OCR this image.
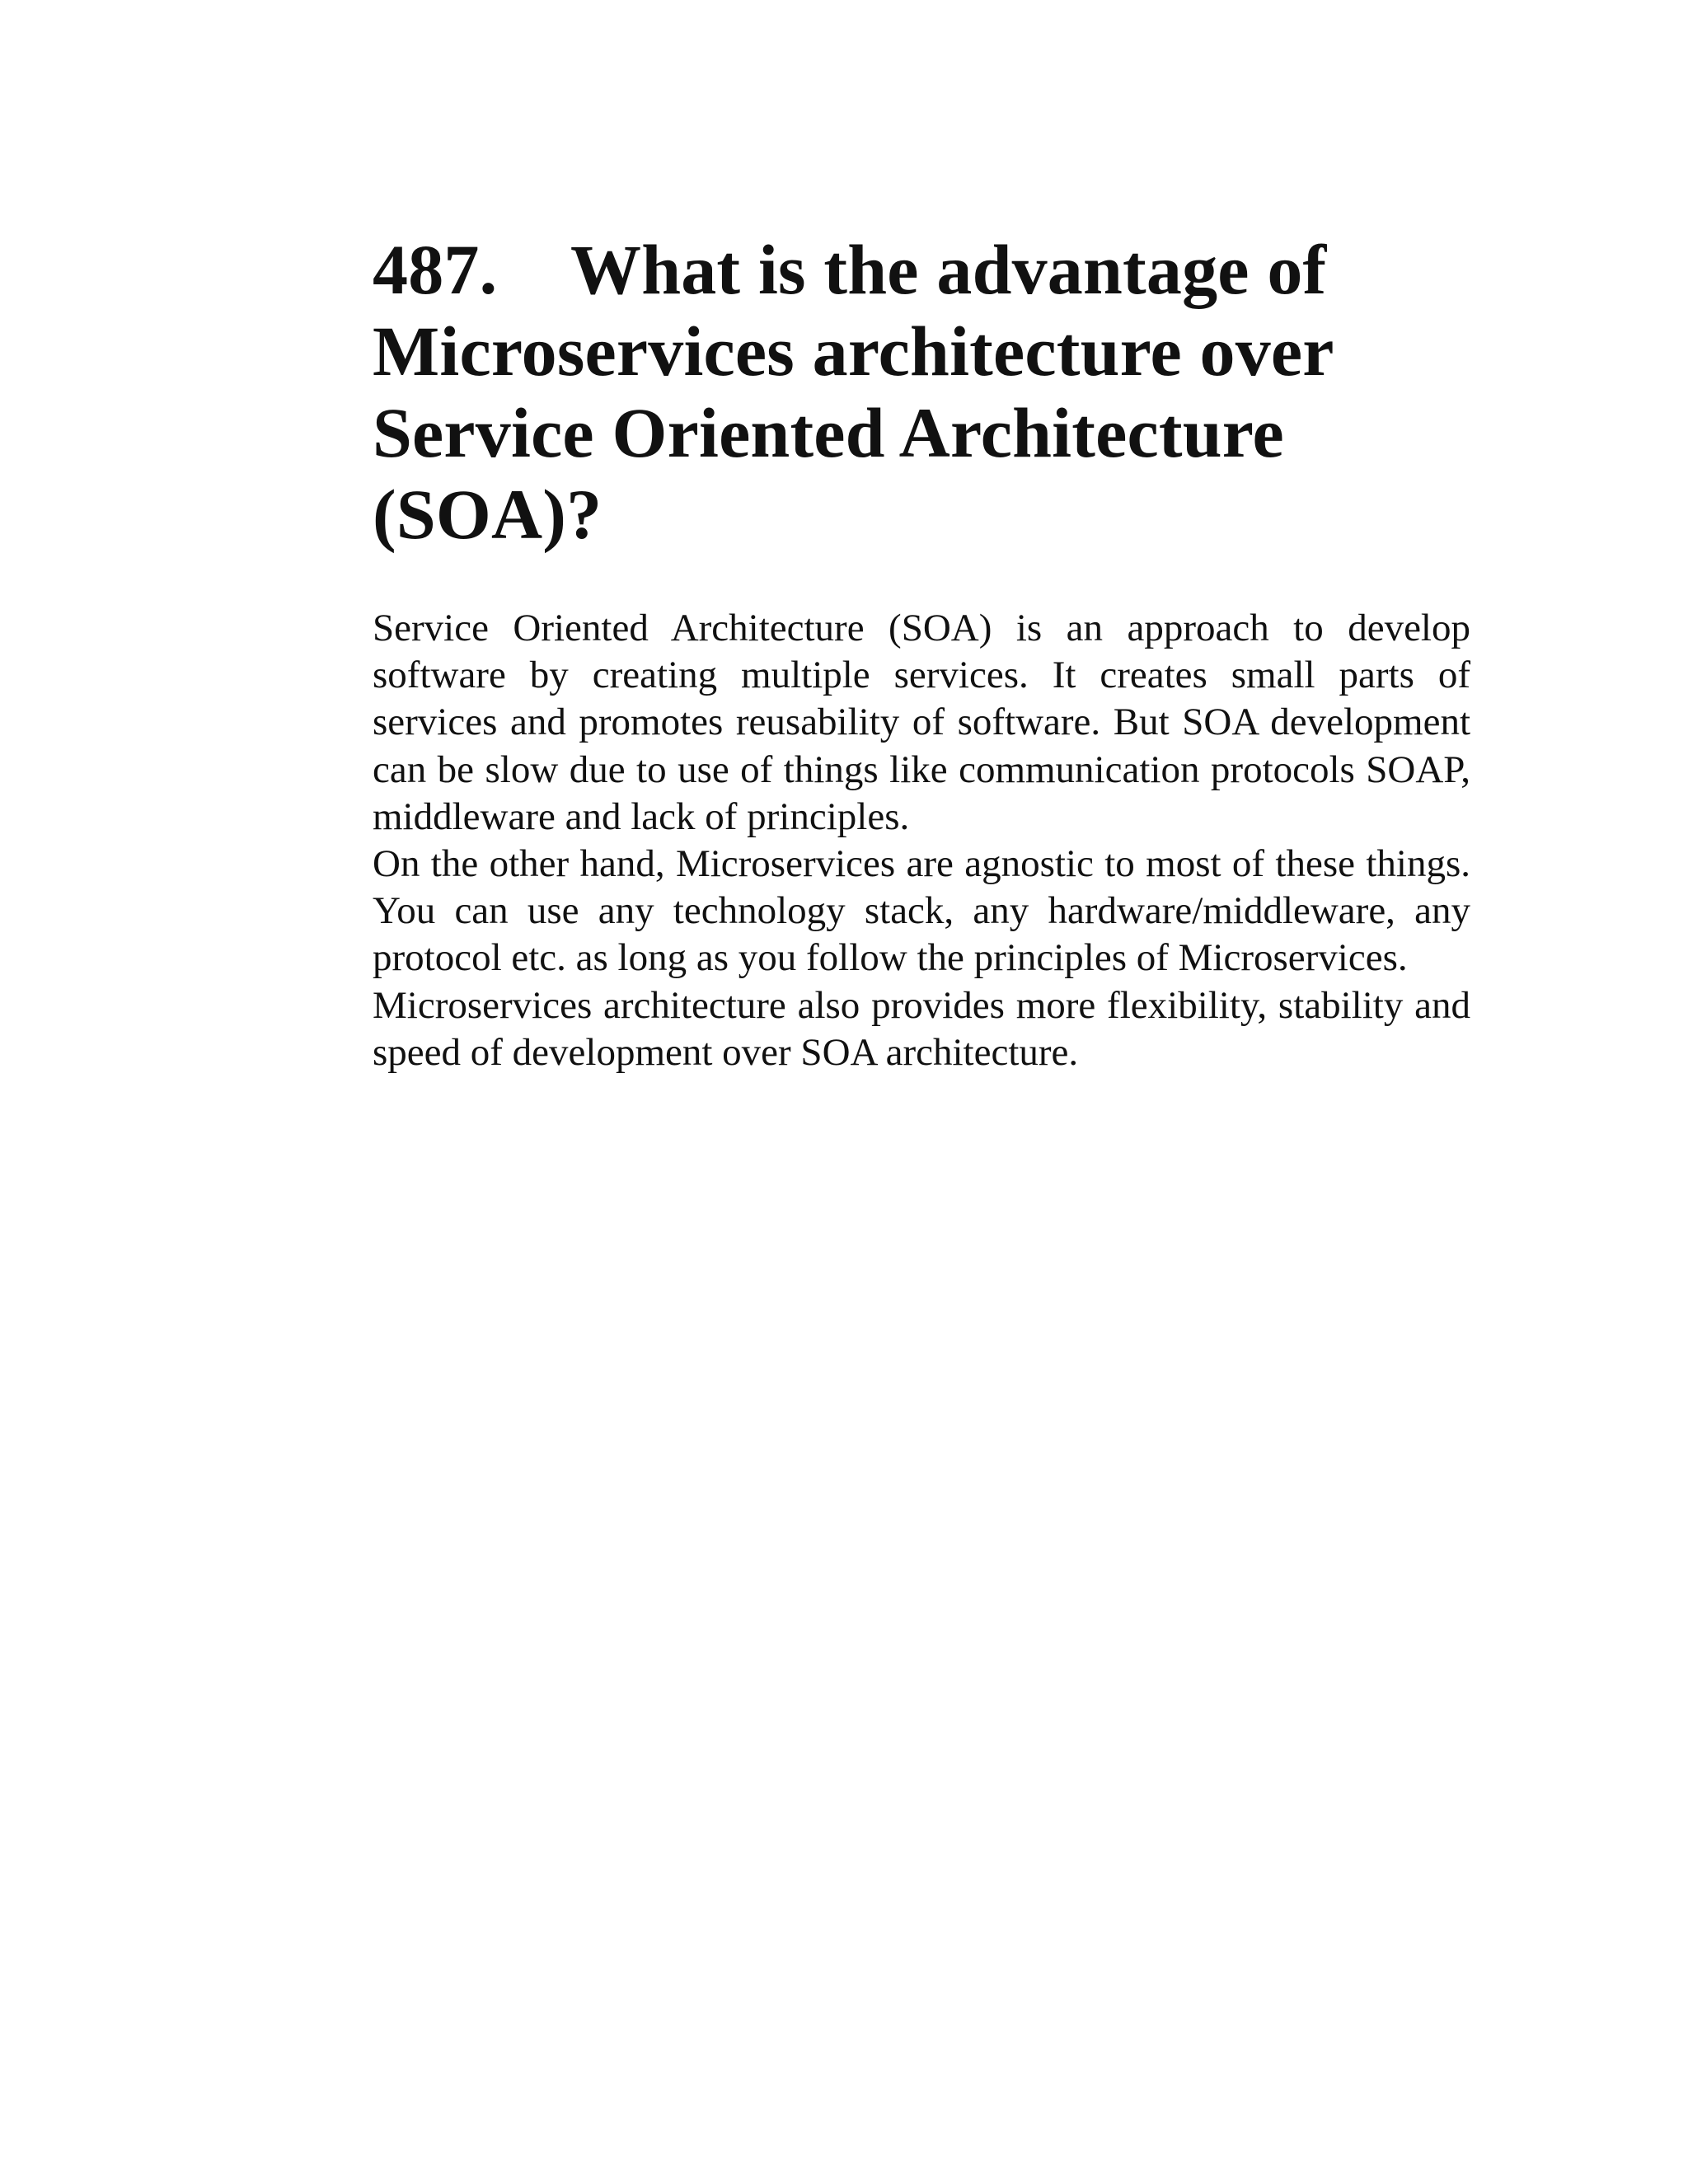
487. What is the advantage of Microservices architecture over Service Oriented Architecture (SOA)?

Service Oriented Architecture (SOA) is an approach to develop software by creating multiple services. It creates small parts of services and promotes reusability of software. But SOA development can be slow due to use of things like communication protocols SOAP, middleware and lack of principles.

On the other hand, Microservices are agnostic to most of these things. You can use any technology stack, any hardware/middleware, any protocol etc. as long as you follow the principles of Microservices.

Microservices architecture also provides more flexibility, stability and speed of development over SOA architecture.
